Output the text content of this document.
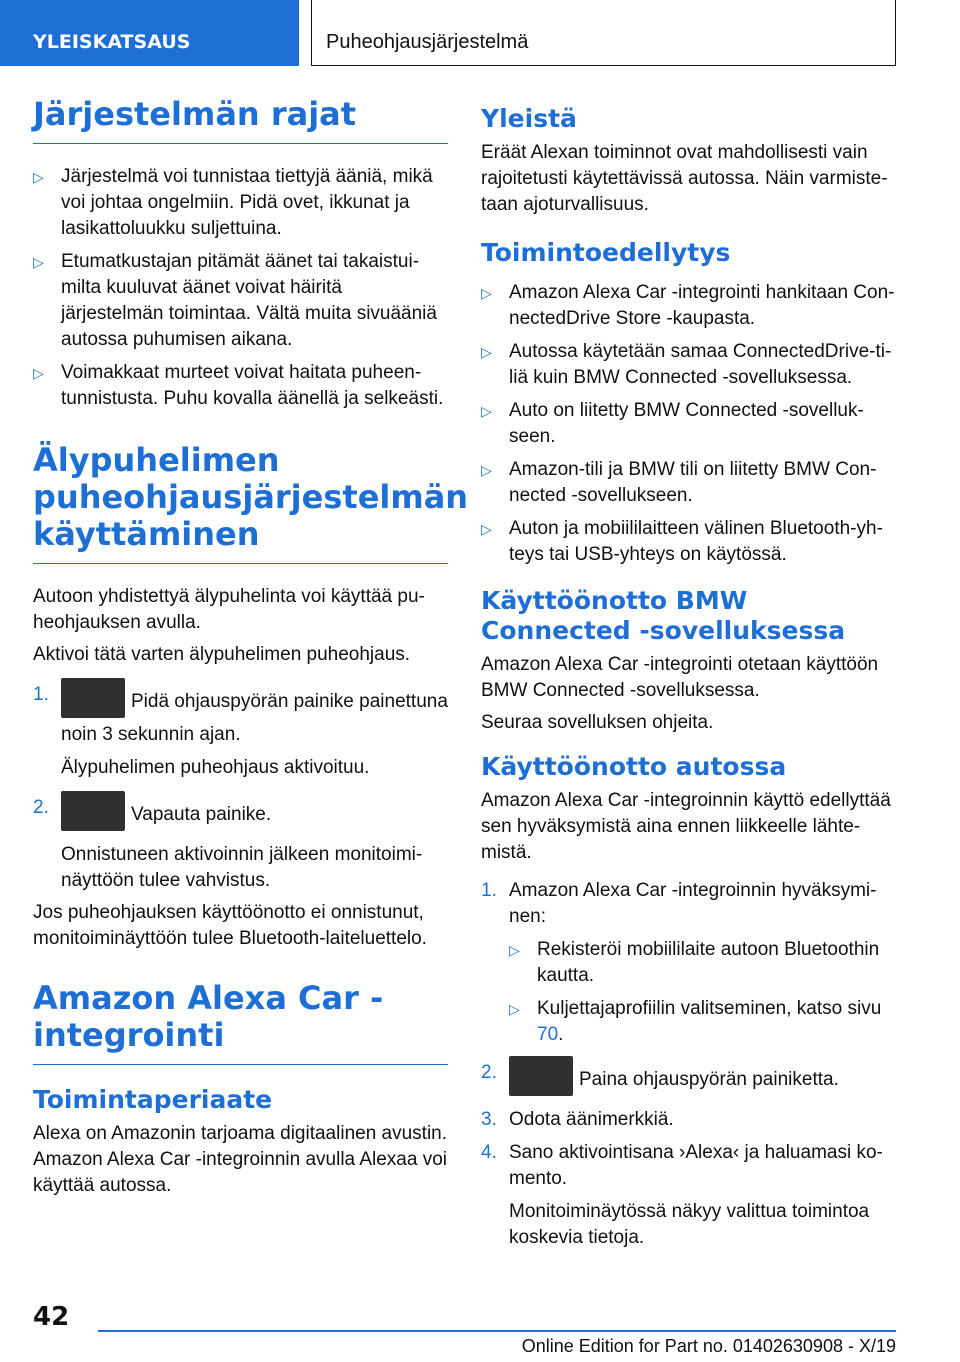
YLEISKATSAUS	Puheohjausjärjestelmä
Järjestelmän rajat
▷ Järjestelmä voi tunnistaa tiettyjä ääniä, mikä voi johtaa ongelmiin. Pidä ovet, ikkunat ja lasikattoluukku suljettuina.
▷ Etumatkustajan pitämät äänet tai takaistuimilta kuuluvat äänet voivat häiritä järjestelmän toimintaa. Vältä muita sivuääniä autossa puhumisen aikana.
▷ Voimakkaat murteet voivat haitata puheentunnistusta. Puhu kovalla äänellä ja selkeästi.
Älypuhelimen puheohjausjärjestelmän käyttäminen

Autoon yhdistettyä älypuhelinta voi käyttää puheohjauksen avulla.

Aktivoi tätä varten älypuhelimen puheohjaus.

1.	Pidä ohjauspyörän painike painettuna noin 3 sekunnin ajan.

Älypuhelimen puheohjaus aktivoituu.

2.	Vapauta painike.

Onnistuneen aktivoinnin jälkeen monitoiminäyttöön tulee vahvistus.

Jos puheohjauksen käyttöönotto ei onnistunut, monitoiminäyttöön tulee Bluetooth-laiteluettelo.

Amazon Alexa Car -integrointi
Toimintaperiaate

Alexa on Amazonin tarjoama digitaalinen avustin. Amazon Alexa Car -integroinnin avulla Alexaa voi käyttää autossa.

Yleistä

Eräät Alexan toiminnot ovat mahdollisesti vain rajoitetusti käytettävissä autossa. Näin varmistetaan ajoturvallisuus.

Toimintoedellytys
▷ Amazon Alexa Car -integrointi hankitaan ConnectedDrive Store -kaupasta.
▷ Autossa käytetään samaa ConnectedDrive-tiliä kuin BMW Connected -sovelluksessa.
▷ Auto on liitetty BMW Connected -sovellukseen.
▷ Amazon-tili ja BMW tili on liitetty BMW Connected -sovellukseen.
▷ Auton ja mobiililaitteen välinen Bluetooth-yhteys tai USB-yhteys on käytössä.
Käyttöönotto BMW Connected -sovelluksessa

Amazon Alexa Car -integrointi otetaan käyttöön BMW Connected -sovelluksessa.

Seuraa sovelluksen ohjeita.

Käyttöönotto autossa

Amazon Alexa Car -integroinnin käyttö edellyttää sen hyväksymistä aina ennen liikkeelle lähtemistä.

1. Amazon Alexa Car -integroinnin hyväksyminen:
▷ Rekisteröi mobiililaite autoon Bluetoothin kautta.
▷ Kuljettajaprofiilin valitseminen, katso sivu 70.
2.	Paina ohjauspyörän painiketta.
3. Odota äänimerkkiä.
4. Sano aktivointisana ›Alexa‹ ja haluamasi komento.

Monitoiminäytössä näkyy valittua toimintoa koskevia tietoja.

42
Online Edition for Part no. 01402630908 - X/19
